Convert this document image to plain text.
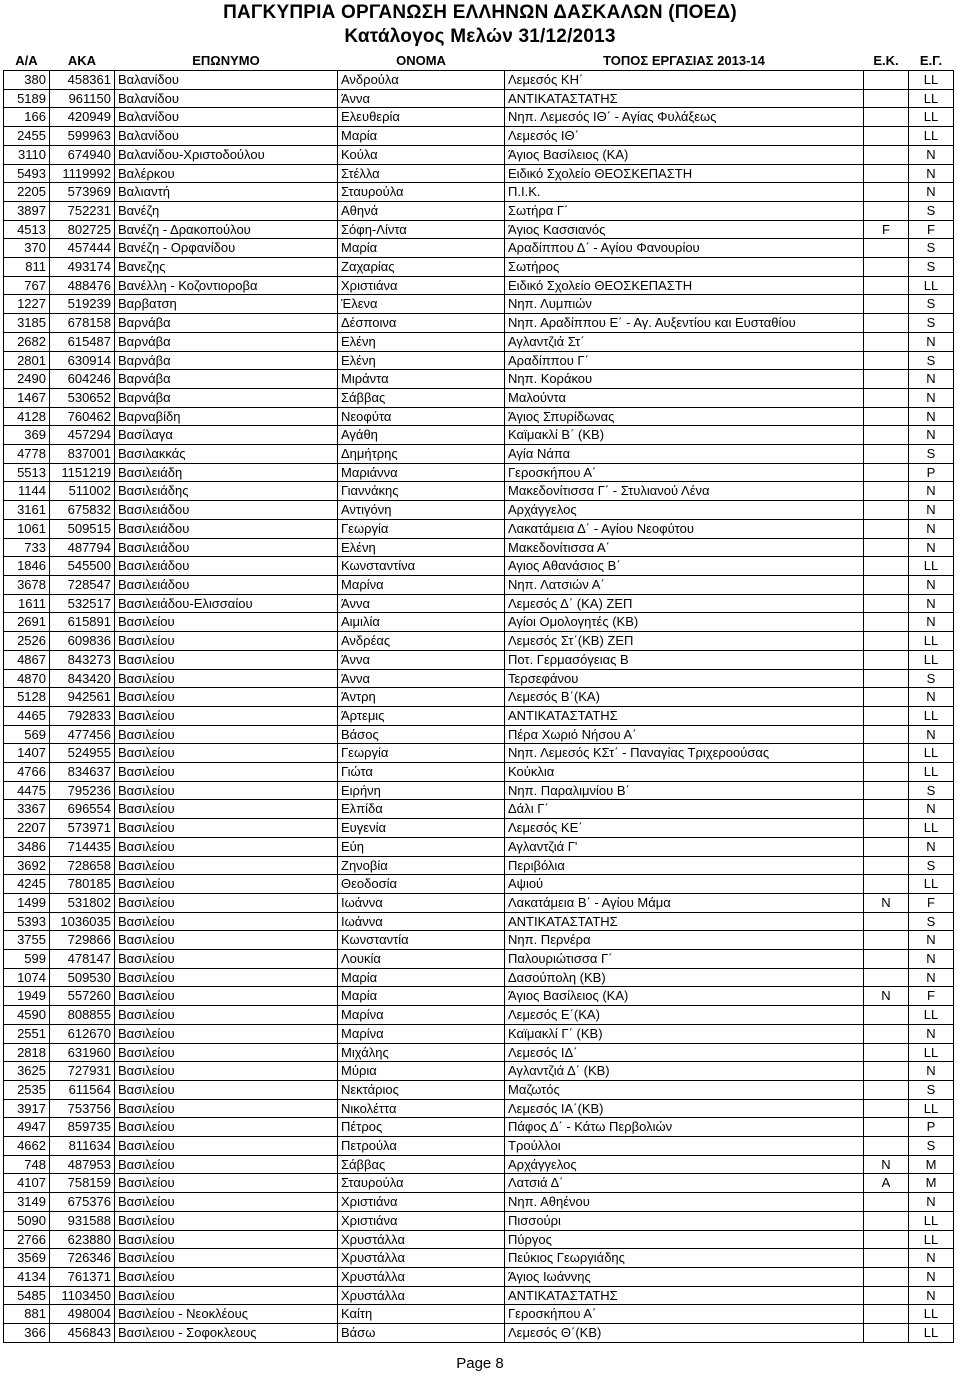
ΠΑΓΚΥΠΡΙΑ ΟΡΓΑΝΩΣΗ ΕΛΛΗΝΩΝ ΔΑΣΚΑΛΩΝ (ΠΟΕΔ)
Κατάλογος Μελών 31/12/2013
Α/Α	ΑΚΑ	ΕΠΩΝΥΜΟ	ΟΝΟΜΑ	ΤΟΠΟΣ ΕΡΓΑΣΙΑΣ 2013-14	Ε.Κ.	Ε.Γ.
380	458361	Βαλανίδου	Ανδρούλα	Λεμεσός ΚΗ΄		LL
5189	961150	Βαλανίδου	Άννα	ΑΝΤΙΚΑΤΑΣΤΑΤΗΣ		LL
166	420949	Βαλανίδου	Ελευθερία	Νηπ. Λεμεσός ΙΘ΄ - Αγίας Φυλάξεως		LL
2455	599963	Βαλανίδου	Μαρία	Λεμεσός ΙΘ΄		LL
3110	674940	Βαλανίδου-Χριστοδούλου	Κούλα	Άγιος Βασίλειος (ΚΑ)		N
5493	1119992	Βαλέρκου	Στέλλα	Ειδικό Σχολείο ΘΕΟΣΚΕΠΑΣΤΗ		N
2205	573969	Βαλιαντή	Σταυρούλα	Π.Ι.Κ.		N
3897	752231	Βανέζη	Αθηνά	Σωτήρα Γ΄		S
4513	802725	Βανέζη - Δρακοπούλου	Σόφη-Λίντα	Άγιος Κασσιανός	F	F
370	457444	Βανέζη - Ορφανίδου	Μαρία	Αραδίππου Δ΄ - Αγίου Φανουρίου		S
811	493174	Βανεζης	Ζαχαρίας	Σωτήρος		S
767	488476	Βανέλλη - Κοζοντιοροβα	Χριστιάνα	Ειδικό Σχολείο ΘΕΟΣΚΕΠΑΣΤΗ		LL
1227	519239	Βαρβατση	Έλενα	Νηπ. Λυμπιών		S
3185	678158	Βαρνάβα	Δέσποινα	Νηπ. Αραδίππου Ε΄ - Αγ. Αυξεντίου και Ευσταθίου		S
2682	615487	Βαρνάβα	Ελένη	Αγλαντζιά Στ΄		N
2801	630914	Βαρνάβα	Ελένη	Αραδίππου Γ΄		S
2490	604246	Βαρνάβα	Μιράντα	Νηπ. Κοράκου		N
1467	530652	Βαρνάβα	Σάββας	Μαλούντα		N
4128	760462	Βαρναβίδη	Νεοφύτα	Άγιος Σπυρίδωνας		N
369	457294	Βασίλαγα	Αγάθη	Καϊμακλί Β΄ (ΚΒ)		N
4778	837001	Βασιλακκάς	Δημήτρης	Αγία Νάπα		S
5513	1151219	Βασιλειάδη	Μαριάννα	Γεροσκήπου Α΄		P
1144	511002	Βασιλειάδης	Γιαννάκης	Μακεδονίτισσα Γ΄ - Στυλιανού Λένα		N
3161	675832	Βασιλειάδου	Αντιγόνη	Αρχάγγελος		N
1061	509515	Βασιλειάδου	Γεωργία	Λακατάμεια Δ΄ - Αγίου Νεοφύτου		N
733	487794	Βασιλειάδου	Ελένη	Μακεδονίτισσα Α΄		N
1846	545500	Βασιλειάδου	Κωνσταντίνα	Αγιος Αθανάσιος Β΄		LL
3678	728547	Βασιλειάδου	Μαρίνα	Νηπ. Λατσιών Α΄		N
1611	532517	Βασιλειάδου-Ελισσαίου	Άννα	Λεμεσός Δ΄ (ΚΑ) ΖΕΠ		N
2691	615891	Βασιλείου	Αιμιλία	Αγίοι Ομολογητές (ΚΒ)		N
2526	609836	Βασιλείου	Ανδρέας	Λεμεσός Στ΄(ΚΒ) ΖΕΠ		LL
4867	843273	Βασιλείου	Άννα	Ποτ. Γερμασόγειας Β		LL
4870	843420	Βασιλείου	Άννα	Τερσεφάνου		S
5128	942561	Βασιλείου	Άντρη	Λεμεσός Β΄(ΚΑ)		N
4465	792833	Βασιλείου	Άρτεμις	ΑΝΤΙΚΑΤΑΣΤΑΤΗΣ		LL
569	477456	Βασιλείου	Βάσος	Πέρα Χωριό Νήσου Α΄		N
1407	524955	Βασιλείου	Γεωργία	Νηπ. Λεμεσός ΚΣτ΄ - Παναγίας Τριχεροούσας		LL
4766	834637	Βασιλείου	Γιώτα	Κούκλια		LL
4475	795236	Βασιλείου	Ειρήνη	Νηπ. Παραλιμνίου Β΄		S
3367	696554	Βασιλείου	Ελπίδα	Δάλι Γ΄		N
2207	573971	Βασιλείου	Ευγενία	Λεμεσός ΚΕ΄		LL
3486	714435	Βασιλείου	Εύη	Αγλαντζιά Γ'		N
3692	728658	Βασιλείου	Ζηνοβία	Περιβόλια		S
4245	780185	Βασιλείου	Θεοδοσία	Αψιού		LL
1499	531802	Βασιλείου	Ιωάννα	Λακατάμεια Β΄ - Αγίου Μάμα	N	F
5393	1036035	Βασιλείου	Ιωάννα	ΑΝΤΙΚΑΤΑΣΤΑΤΗΣ		S
3755	729866	Βασιλείου	Κωνσταντία	Νηπ. Περνέρα		N
599	478147	Βασιλείου	Λουκία	Παλουριώτισσα Γ΄		N
1074	509530	Βασιλείου	Μαρία	Δασούπολη (ΚΒ)		N
1949	557260	Βασιλείου	Μαρία	Άγιος Βασίλειος (ΚΑ)	N	F
4590	808855	Βασιλείου	Μαρίνα	Λεμεσός Ε΄(ΚΑ)		LL
2551	612670	Βασιλείου	Μαρίνα	Καϊμακλί Γ΄ (ΚΒ)		N
2818	631960	Βασιλείου	Μιχάλης	Λεμεσός ΙΔ΄		LL
3625	727931	Βασιλείου	Μύρια	Αγλαντζιά Δ΄ (ΚΒ)		N
2535	611564	Βασιλείου	Νεκτάριος	Μαζωτός		S
3917	753756	Βασιλείου	Νικολέττα	Λεμεσός ΙΑ΄(ΚΒ)		LL
4947	859735	Βασιλείου	Πέτρος	Πάφος Δ΄ - Κάτω Περβολιών		P
4662	811634	Βασιλείου	Πετρούλα	Τρούλλοι		S
748	487953	Βασιλείου	Σάββας	Αρχάγγελος	N	M
4107	758159	Βασιλείου	Σταυρούλα	Λατσιά Δ΄	A	M
3149	675376	Βασιλείου	Χριστιάνα	Νηπ. Αθηένου		N
5090	931588	Βασιλείου	Χριστιάνα	Πισσούρι		LL
2766	623880	Βασιλείου	Χρυστάλλα	Πύργος		LL
3569	726346	Βασιλείου	Χρυστάλλα	Πεύκιος Γεωργιάδης		N
4134	761371	Βασιλείου	Χρυστάλλα	Άγιος Ιωάννης		N
5485	1103450	Βασιλείου	Χρυστάλλα	ΑΝΤΙΚΑΤΑΣΤΑΤΗΣ		N
881	498004	Βασιλείου - Νεοκλέους	Καίτη	Γεροσκήπου Α΄		LL
366	456843	Βασιλειου - Σοφοκλεους	Βάσω	Λεμεσός Θ΄(ΚΒ)		LL
Page 8
